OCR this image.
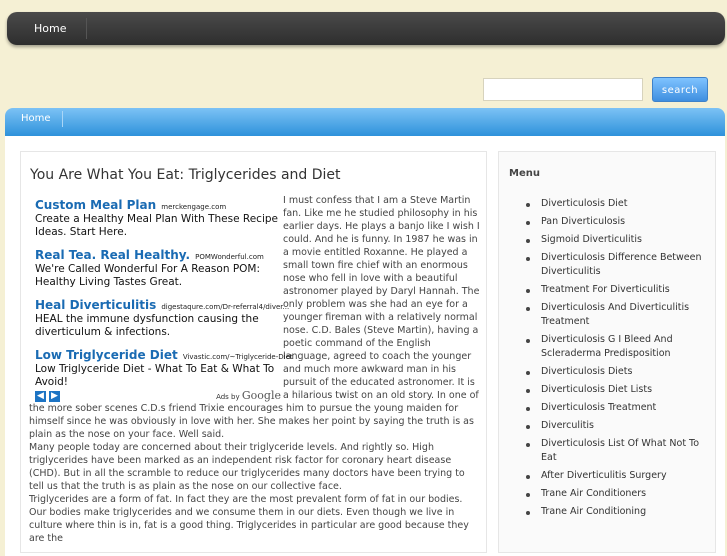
Home
search
Home
You Are What You Eat: Triglycerides and Diet

I must confess that I am a Steve Martin fan. Like me he studied philosophy in his earlier days. He plays a banjo like I wish I could. And he is funny. In 1987 he was in a movie entitled Roxanne. He played a small town fire chief with an enormous nose who fell in love with a beautiful astronomer played by Daryl Hannah. The only problem was she had an eye for a younger fireman with a relatively normal nose. C.D. Bales (Steve Martin), having a poetic command of the English language, agreed to coach the younger and much more awkward man in his pursuit of the educated astronomer. It is a hilarious twist on an old story. In one of the more sober scenes C.D.s friend Trixie encourages him to pursue the young maiden for himself since he was obviously in love with her. She makes her point by saying the truth is as plain as the nose on your face. Well said.

Many people today are concerned about their triglyceride levels. And rightly so. High triglycerides have been marked as an independent risk factor for coronary heart disease (CHD). But in all the scramble to reduce our triglycerides many doctors have been trying to tell us that the truth is as plain as the nose on our collective face.

Triglycerides are a form of fat. In fact they are the most prevalent form of fat in our bodies. Our bodies make triglycerides and we consume them in our diets. Even though we live in culture where thin is in, fat is a good thing. Triglycerides in particular are good because they are the

Custom Meal Plan merckengage.com
Create a Healthy Meal Plan With These Recipe Ideas. Start Here.
Real Tea. Real Healthy. POMWonderful.com
We're Called Wonderful For A Reason POM: Healthy Living Tastes Great.
Heal Diverticulitis digestaqure.com/Dr-referral4/diver...
HEAL the immune dysfunction causing the diverticulum & infections.
Low Triglyceride Diet Vivastic.com/~Triglyceride-Diet
Low Triglyceride Diet - What To Eat & What To Avoid!
◀ ▶	Ads by Google
Menu
Diverticulosis Diet
Pan Diverticulosis
Sigmoid Diverticulitis
Diverticulosis Difference Between Diverticulitis
Treatment For Diverticulitis
Diverticulosis And Diverticulitis Treatment
Diverticulosis G I Bleed And Scleraderma Predisposition
Diverticulosis Diets
Diverticulosis Diet Lists
Diverticulosis Treatment
Diverculitis
Diverticulosis List Of What Not To Eat
After Diverticulitis Surgery
Trane Air Conditioners
Trane Air Conditioning
